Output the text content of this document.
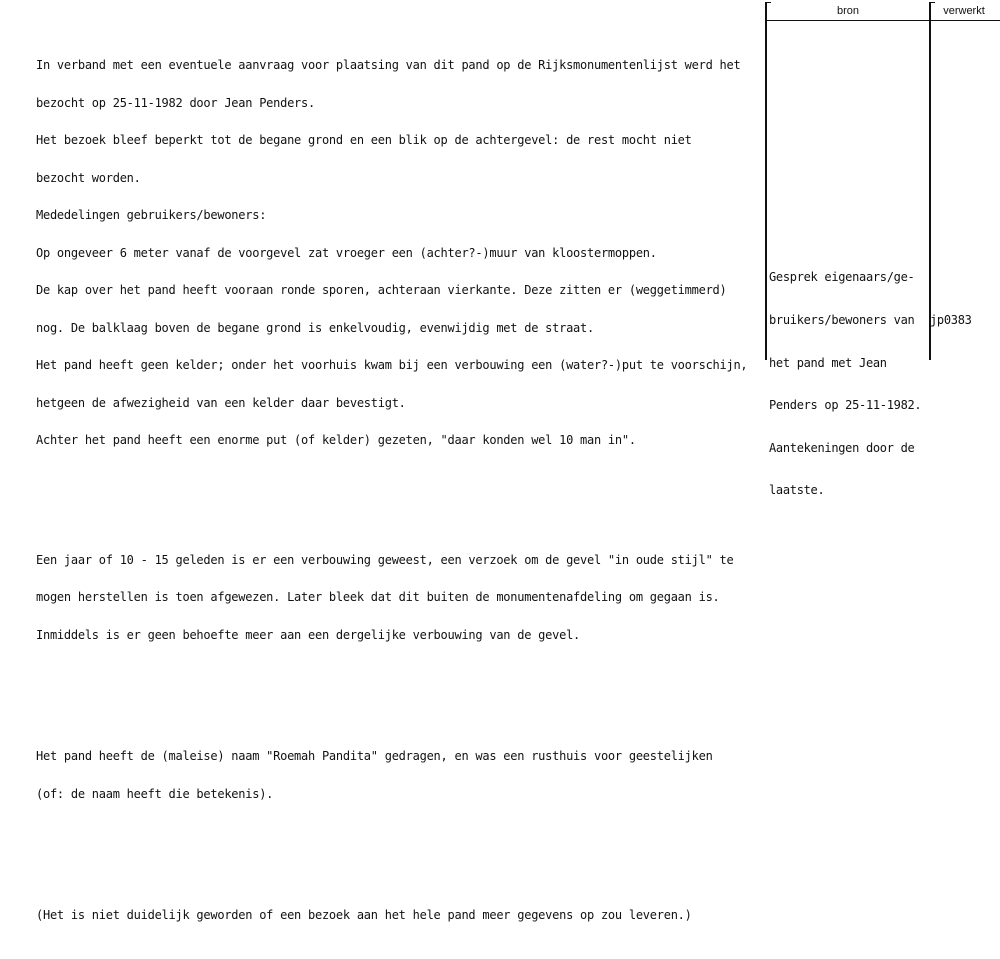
In verband met een eventuele aanvraag voor plaatsing van dit pand op de Rijksmonumentenlijst werd het

bezocht op 25-11-1982 door Jean Penders.

Het bezoek bleef beperkt tot de begane grond en een blik op de achtergevel: de rest mocht niet

bezocht worden.

Mededelingen gebruikers/bewoners:

Op ongeveer 6 meter vanaf de voorgevel zat vroeger een (achter?-)muur van kloostermoppen.

De kap over het pand heeft vooraan ronde sporen, achteraan vierkante. Deze zitten er (weggetimmerd)

nog. De balklaag boven de begane grond is enkelvoudig, evenwijdig met de straat.

Het pand heeft geen kelder; onder het voorhuis kwam bij een verbouwing een (water?-)put te voorschijn,

hetgeen de afwezigheid van een kelder daar bevestigt.

Achter het pand heeft een enorme put (of kelder) gezeten, "daar konden wel 10 man in".

Een jaar of 10 - 15 geleden is er een verbouwing geweest, een verzoek om de gevel "in oude stijl" te

mogen herstellen is toen afgewezen. Later bleek dat dit buiten de monumentenafdeling om gegaan is.

Inmiddels is er geen behoefte meer aan een dergelijke verbouwing van de gevel.

Het pand heeft de (maleise) naam "Roemah Pandita" gedragen, en was een rusthuis voor geestelijken

(of: de naam heeft die betekenis).

(Het is niet duidelijk geworden of een bezoek aan het hele pand meer gegevens op zou leveren.)

bron	verwerkt

Gesprek eigenaars/ge-

bruikers/bewoners van

het pand met Jean

Penders op 25-11-1982.

Aantekeningen door de

laatste.

jp0383
